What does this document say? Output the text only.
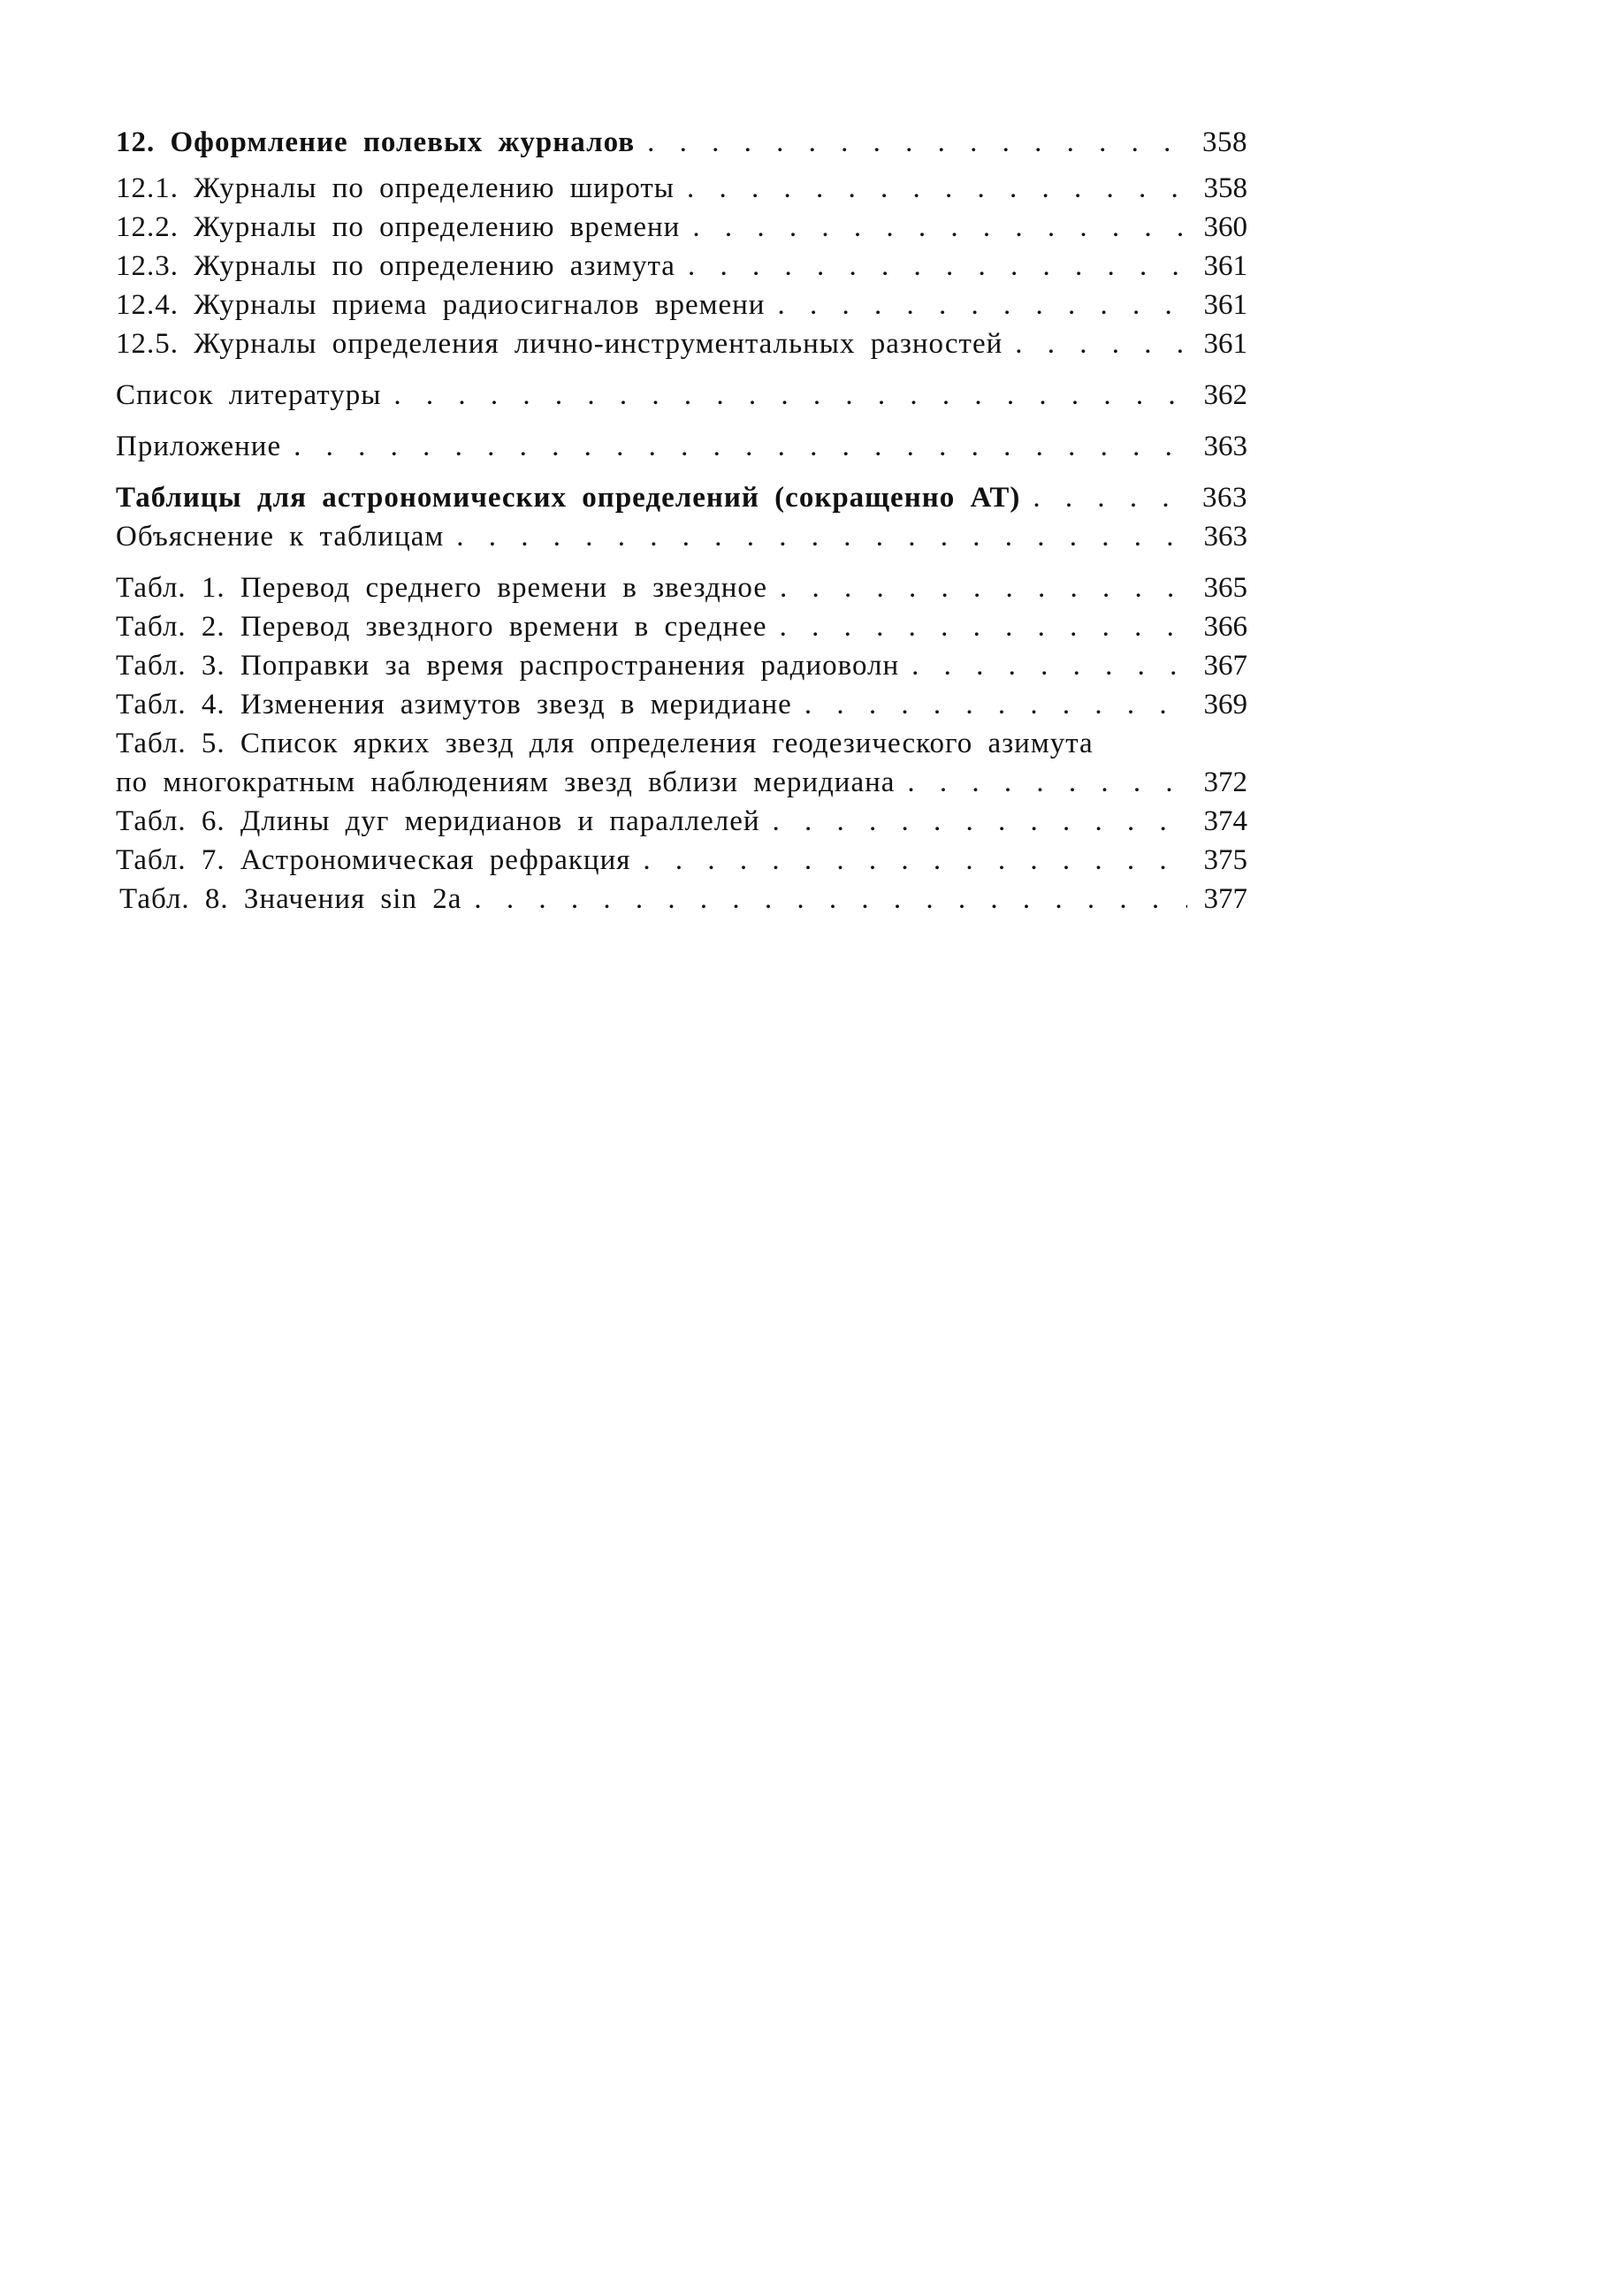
12. Оформление полевых журналов . . .	358
12.1. Журналы по определению широты . . .	358
12.2. Журналы по определению времени . . .	360
12.3. Журналы по определению азимута . . .	361
12.4. Журналы приема радиосигналов времени . . .	361
12.5. Журналы определения лично-инструментальных разностей . . .	361
Список литературы . . .	362
Приложение . . .	363
Таблицы для астрономических определений (сокращенно АТ) . . .	363
Объяснение к таблицам . . .	363
Табл. 1. Перевод среднего времени в звездное . . .	365
Табл. 2. Перевод звездного времени в среднее . . .	366
Табл. 3. Поправки за время распространения радиоволн . . .	367
Табл. 4. Изменения азимутов звезд в меридиане . . .	369
Табл. 5. Список ярких звезд для определения геодезического азимута
по многократным наблюдениям звезд вблизи меридиана . . .	372
Табл. 6. Длины дуг меридианов и параллелей . . .	374
Табл. 7. Астрономическая рефракция . . .	375
Табл. 8. Значения sin 2a . . .	377
